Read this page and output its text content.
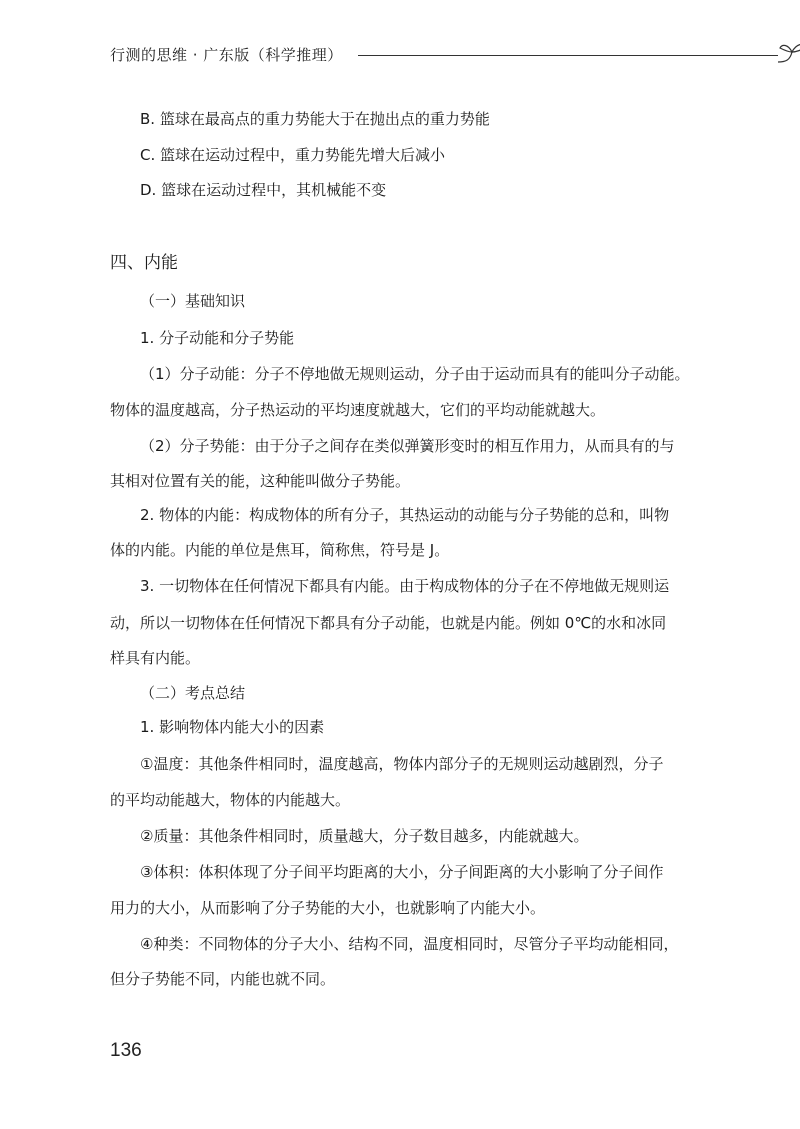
行测的思维 · 广东版（科学推理）
B. 篮球在最高点的重力势能大于在抛出点的重力势能
C. 篮球在运动过程中，重力势能先增大后减小
D. 篮球在运动过程中，其机械能不变
四、内能
（一）基础知识
1. 分子动能和分子势能
（1）分子动能：分子不停地做无规则运动，分子由于运动而具有的能叫分子动能。
物体的温度越高，分子热运动的平均速度就越大，它们的平均动能就越大。
（2）分子势能：由于分子之间存在类似弹簧形变时的相互作用力，从而具有的与
其相对位置有关的能，这种能叫做分子势能。
2. 物体的内能：构成物体的所有分子，其热运动的动能与分子势能的总和，叫物
体的内能。内能的单位是焦耳，简称焦，符号是 J。
3. 一切物体在任何情况下都具有内能。由于构成物体的分子在不停地做无规则运
动，所以一切物体在任何情况下都具有分子动能，也就是内能。例如 0℃的水和冰同
样具有内能。
（二）考点总结
1. 影响物体内能大小的因素
①温度：其他条件相同时，温度越高，物体内部分子的无规则运动越剧烈，分子
的平均动能越大，物体的内能越大。
②质量：其他条件相同时，质量越大，分子数目越多，内能就越大。
③体积：体积体现了分子间平均距离的大小，分子间距离的大小影响了分子间作
用力的大小，从而影响了分子势能的大小，也就影响了内能大小。
④种类：不同物体的分子大小、结构不同，温度相同时，尽管分子平均动能相同，
但分子势能不同，内能也就不同。
136
